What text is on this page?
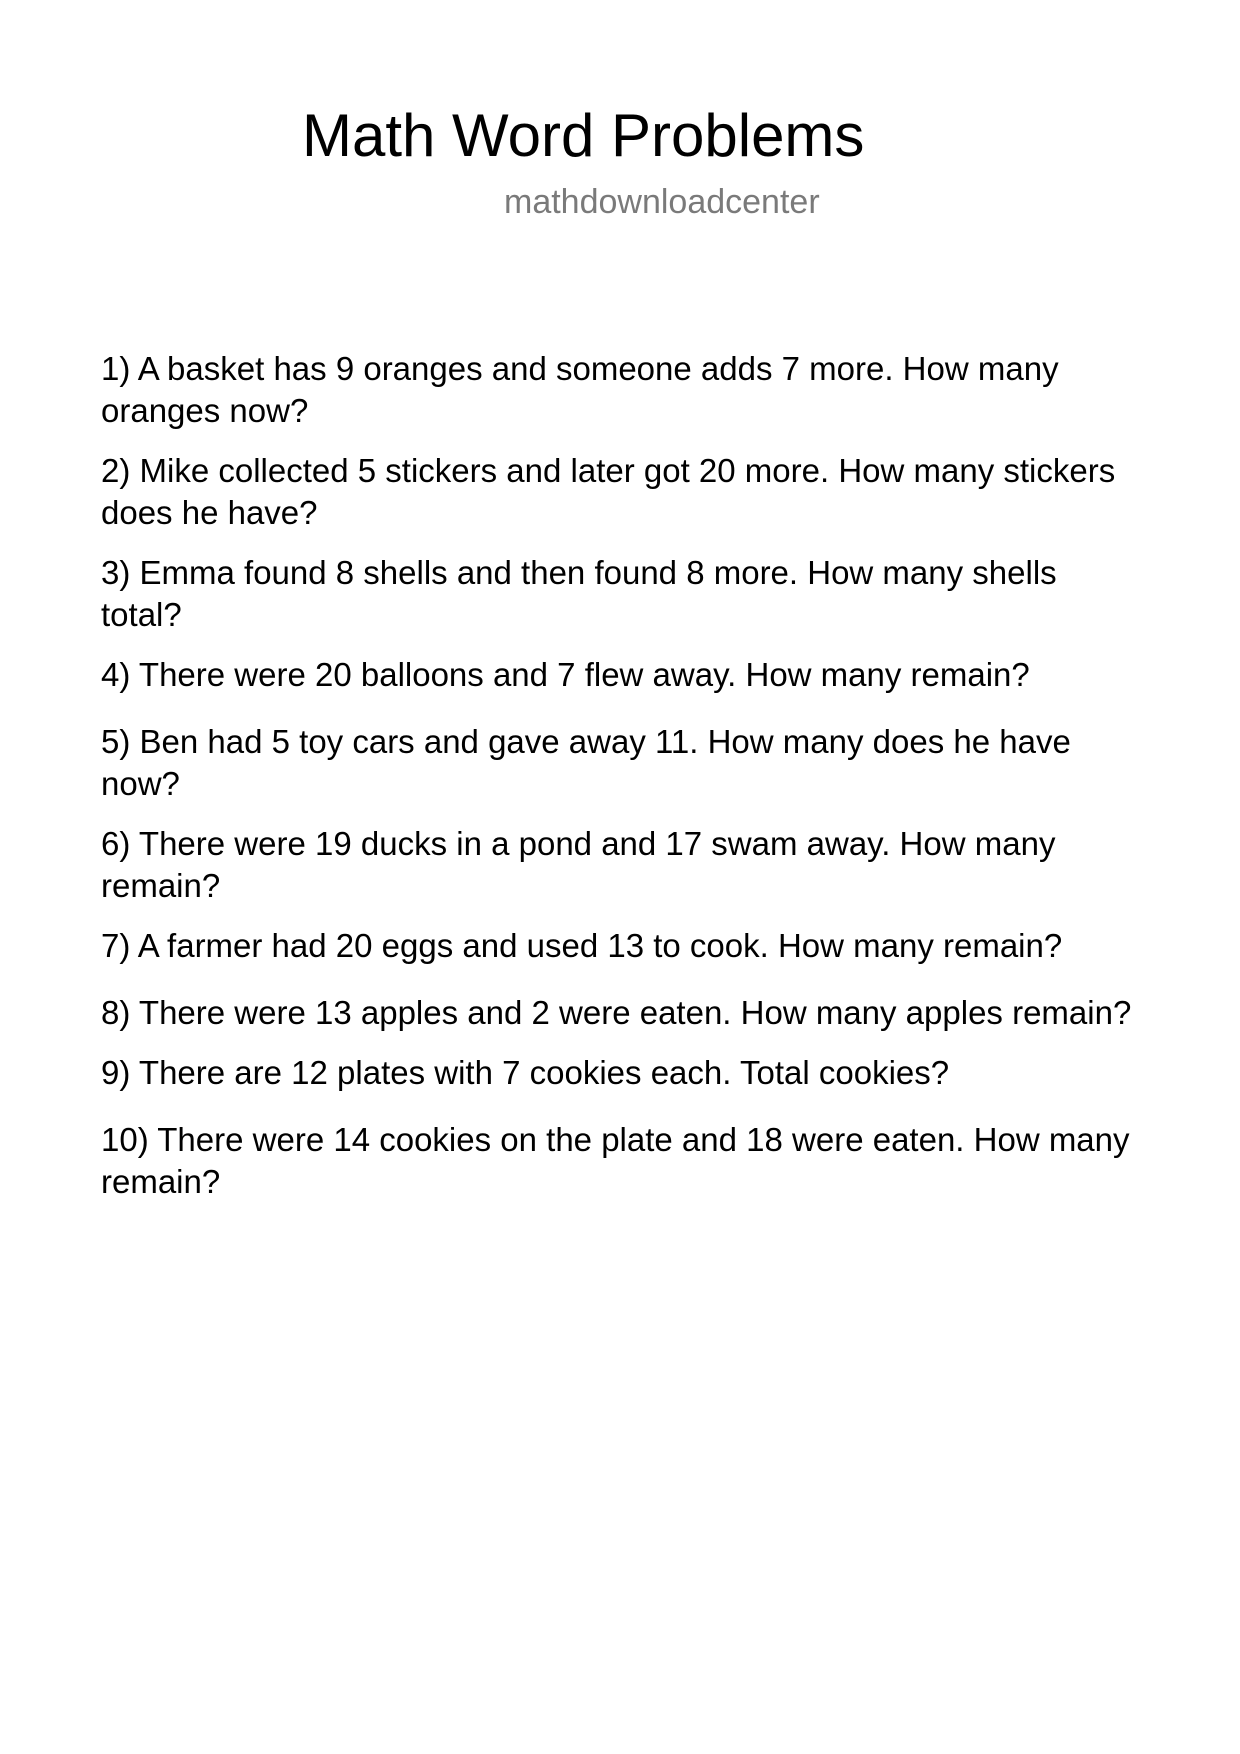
Math Word Problems

mathdownloadcenter

1) A basket has 9 oranges and someone adds 7 more. How many oranges now?
2) Mike collected 5 stickers and later got 20 more. How many stickers does he have?
3) Emma found 8 shells and then found 8 more. How many shells total?
4) There were 20 balloons and 7 flew away. How many remain?
5) Ben had 5 toy cars and gave away 11. How many does he have now?
6) There were 19 ducks in a pond and 17 swam away. How many remain?
7) A farmer had 20 eggs and used 13 to cook. How many remain?
8) There were 13 apples and 2 were eaten. How many apples remain?
9) There are 12 plates with 7 cookies each. Total cookies?
10) There were 14 cookies on the plate and 18 were eaten. How many remain?
